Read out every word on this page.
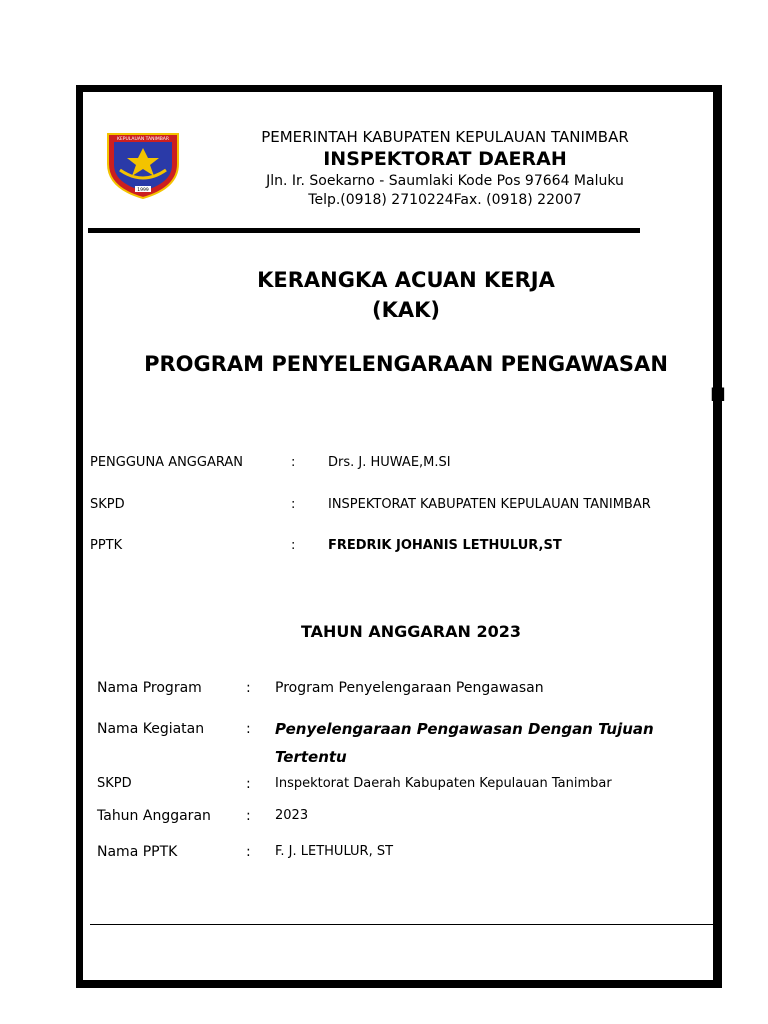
KEPULAUAN TANIMBAR
1999
PEMERINTAH KABUPATEN KEPULAUAN TANIMBAR
INSPEKTORAT DAERAH
Jln. Ir. Soekarno - Saumlaki Kode Pos 97664 Maluku
Telp.(0918) 2710224Fax. (0918) 22007
KERANGKA ACUAN KERJA
(KAK)
PROGRAM PENYELENGARAAN PENGAWASAN
N
PENGGUNA ANGGARAN	:	Drs. J. HUWAE,M.SI
SKPD	:	INSPEKTORAT KABUPATEN KEPULAUAN TANIMBAR
PPTK	:	FREDRIK JOHANIS LETHULUR,ST
TAHUN ANGGARAN 2023
Nama Program	: Program Penyelengaraan Pengawasan
Nama Kegiatan	: Penyelengaraan Pengawasan Dengan Tujuan Tertentu
SKPD	: Inspektorat Daerah Kabupaten Kepulauan Tanimbar
Tahun Anggaran	: 2023
Nama PPTK	: F. J. LETHULUR, ST
